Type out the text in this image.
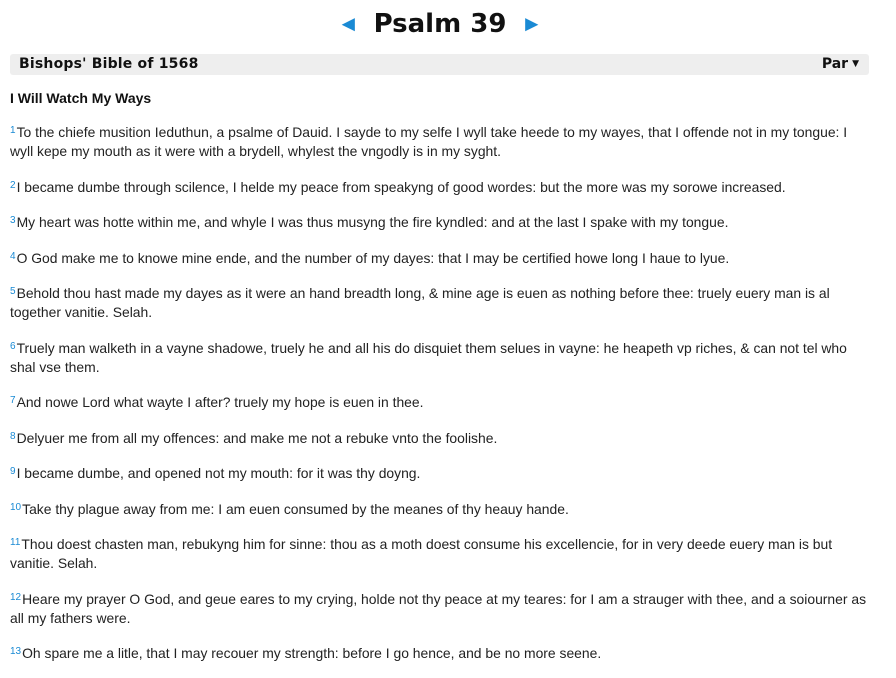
◄ Psalm 39 ►
Bishops' Bible of 1568	Par ▼
I Will Watch My Ways

$^1$To the chiefe musition Ieduthun, a psalme of Dauid. I sayde to my selfe I wyll take heede to my wayes, that I offende not in my tongue: I wyll kepe my mouth as it were with a brydell, whylest the vngodly is in my syght.

$^2$I became dumbe through scilence, I helde my peace from speakyng of good wordes: but the more was my sorowe increased.

$^3$My heart was hotte within me, and whyle I was thus musyng the fire kyndled: and at the last I spake with my tongue.

$^4$O God make me to knowe mine ende, and the number of my dayes: that I may be certified howe long I haue to lyue.

$^5$Behold thou hast made my dayes as it were an hand breadth long, & mine age is euen as nothing before thee: truely euery man is al together vanitie. Selah.

$^6$Truely man walketh in a vayne shadowe, truely he and all his do disquiet them selues in vayne: he heapeth vp riches, & can not tel who shal vse them.

$^7$And nowe Lord what wayte I after? truely my hope is euen in thee.

$^8$Delyuer me from all my offences: and make me not a rebuke vnto the foolishe.

$^9$I became dumbe, and opened not my mouth: for it was thy doyng.

$^{10}$Take thy plague away from me: I am euen consumed by the meanes of thy heauy hande.

$^{11}$Thou doest chasten man, rebukyng him for sinne: thou as a moth doest consume his excellencie, for in very deede euery man is but vanitie. Selah.

$^{12}$Heare my prayer O God, and geue eares to my crying, holde not thy peace at my teares: for I am a strauger with thee, and a soiourner as all my fathers were.

$^{13}$Oh spare me a litle, that I may recouer my strength: before I go hence, and be no more seene.
